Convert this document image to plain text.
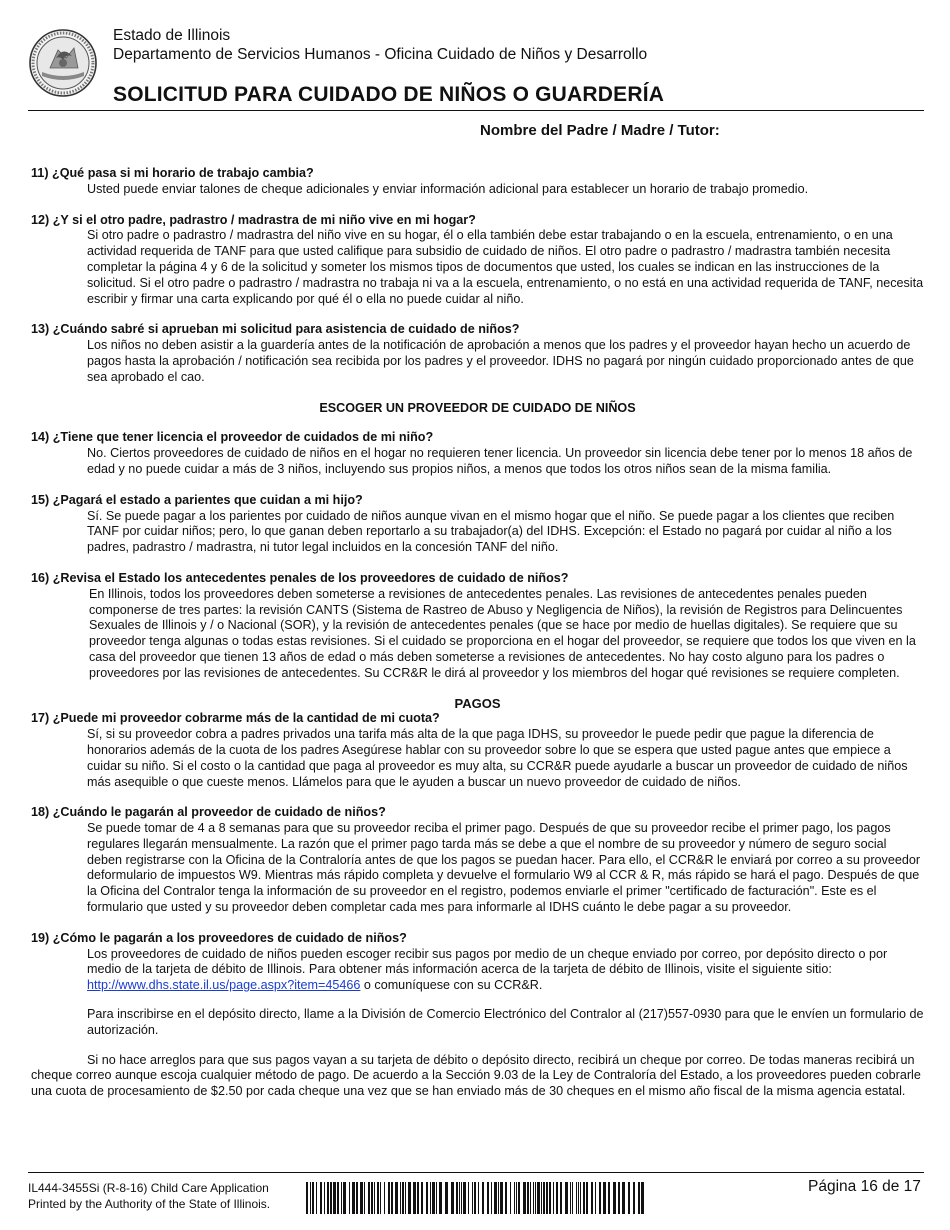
Estado de Illinois
Departamento de Servicios Humanos - Oficina Cuidado de Niños y Desarrollo
SOLICITUD PARA CUIDADO DE NIÑOS O GUARDERÍA
Nombre del Padre / Madre / Tutor:

11) ¿Qué pasa si mi horario de trabajo cambia?

Usted puede enviar talones de cheque adicionales y enviar información adicional para establecer un horario de trabajo promedio.

12) ¿Y si el otro padre, padrastro / madrastra de mi niño vive en mi hogar?

Si otro padre o padrastro / madrastra del niño vive en su hogar, él o ella también debe estar trabajando o en la escuela, entrenamiento, o en una actividad requerida de TANF para que usted califique para subsidio de cuidado de niños. El otro padre o padrastro / madrastra también necesita completar la página 4 y 6 de la solicitud y someter los mismos tipos de documentos que usted, los cuales se indican en las instrucciones de la solicitud. Si el otro padre o padrastro / madrastra no trabaja ni va a la escuela, entrenamiento, o no está en una actividad requerida de TANF, necesita escribir y firmar una carta explicando por qué él o ella no puede cuidar al niño.

13) ¿Cuándo sabré si aprueban mi solicitud para asistencia de cuidado de niños?

Los niños no deben asistir a la guardería antes de la notificación de aprobación a menos que los padres y el proveedor hayan hecho un acuerdo de pagos hasta la aprobación / notificación sea recibida por los padres y el proveedor. IDHS no pagará por ningún cuidado proporcionado antes de que sea aprobado el cao.

ESCOGER UN PROVEEDOR DE CUIDADO DE NIÑOS

14) ¿Tiene que tener licencia el proveedor de cuidados de mi niño?

No. Ciertos proveedores de cuidado de niños en el hogar no requieren tener licencia. Un proveedor sin licencia debe tener por lo menos 18 años de edad y no puede cuidar a más de 3 niños, incluyendo sus propios niños, a menos que todos los otros niños sean de la misma familia.

15) ¿Pagará el estado a parientes que cuidan a mi hijo?

Sí. Se puede pagar a los parientes por cuidado de niños aunque vivan en el mismo hogar que el niño. Se puede pagar a los clientes que reciben TANF por cuidar niños; pero, lo que ganan deben reportarlo a su trabajador(a) del IDHS. Excepción: el Estado no pagará por cuidar al niño a los padres, padrastro / madrastra, ni tutor legal incluidos en la concesión TANF del niño.

16) ¿Revisa el Estado los antecedentes penales de los proveedores de cuidado de niños?

En Illinois, todos los proveedores deben someterse a revisiones de antecedentes penales. Las revisiones de antecedentes penales pueden componerse de tres partes: la revisión CANTS (Sistema de Rastreo de Abuso y Negligencia de Niños), la revisión de Registros para Delincuentes Sexuales de Illinois y / o Nacional (SOR), y la revisión de antecedentes penales (que se hace por medio de huellas digitales). Se requiere que su proveedor tenga algunas o todas estas revisiones. Si el cuidado se proporciona en el hogar del proveedor, se requiere que todos los que viven en la casa del proveedor que tienen 13 años de edad o más deben someterse a revisiones de antecedentes. No hay costo alguno para los padres o proveedores por las revisiones de antecedentes. Su CCR&R le dirá al proveedor y los miembros del hogar qué revisiones se requiere completen.

PAGOS

17) ¿Puede mi proveedor cobrarme más de la cantidad de mi cuota?

Sí, si su proveedor cobra a padres privados una tarifa más alta de la que paga IDHS, su proveedor le puede pedir que pague la diferencia de honorarios además de la cuota de los padres Asegúrese hablar con su proveedor sobre lo que se espera que usted pague antes que empiece a cuidar su niño. Si el costo o la cantidad que paga al proveedor es muy alta, su CCR&R puede ayudarle a buscar un proveedor de cuidado de niños más asequible o que cueste menos. Llámelos para que le ayuden a buscar un nuevo proveedor de cuidado de niños.

18) ¿Cuándo le pagarán al proveedor de cuidado de niños?

Se puede tomar de 4 a 8 semanas para que su proveedor reciba el primer pago. Después de que su proveedor recibe el primer pago, los pagos regulares llegarán mensualmente. La razón que el primer pago tarda más se debe a que el nombre de su proveedor y número de seguro social deben registrarse con la Oficina de la Contraloría antes de que los pagos se puedan hacer. Para ello, el CCR&R le enviará por correo a su proveedor deformulario de impuestos W9. Mientras más rápido completa y devuelve el formulario W9 al CCR & R, más rápido se hará el pago. Después de que la Oficina del Contralor tenga la información de su proveedor en el registro, podemos enviarle el primer "certificado de facturación". Este es el formulario que usted y su proveedor deben completar cada mes para informarle al IDHS cuánto le debe pagar a su proveedor.

19) ¿Cómo le pagarán a los proveedores de cuidado de niños?

Los proveedores de cuidado de niños pueden escoger recibir sus pagos por medio de un cheque enviado por correo, por depósito directo o por medio de la tarjeta de débito de Illinois. Para obtener más información acerca de la tarjeta de débito de Illinois, visite el siguiente sitio:
http://www.dhs.state.il.us/page.aspx?item=45466 o comuníquese con su CCR&R.

Para inscribirse en el depósito directo, llame a la División de Comercio Electrónico del Contralor al (217)557-0930 para que le envíen un formulario de autorización.

Si no hace arreglos para que sus pagos vayan a su tarjeta de débito o depósito directo, recibirá un cheque por correo. De todas maneras recibirá un cheque correo aunque escoja cualquier método de pago. De acuerdo a la Sección 9.03 de la Ley de Contraloría del Estado, a los proveedores pueden cobrarle una cuota de procesamiento de $2.50 por cada cheque una vez que se han enviado más de 30 cheques en el mismo año fiscal de la misma agencia estatal.

IL444-3455Si (R-8-16) Child Care Application
Printed by the Authority of the State of Illinois.
Página 16 de 17
